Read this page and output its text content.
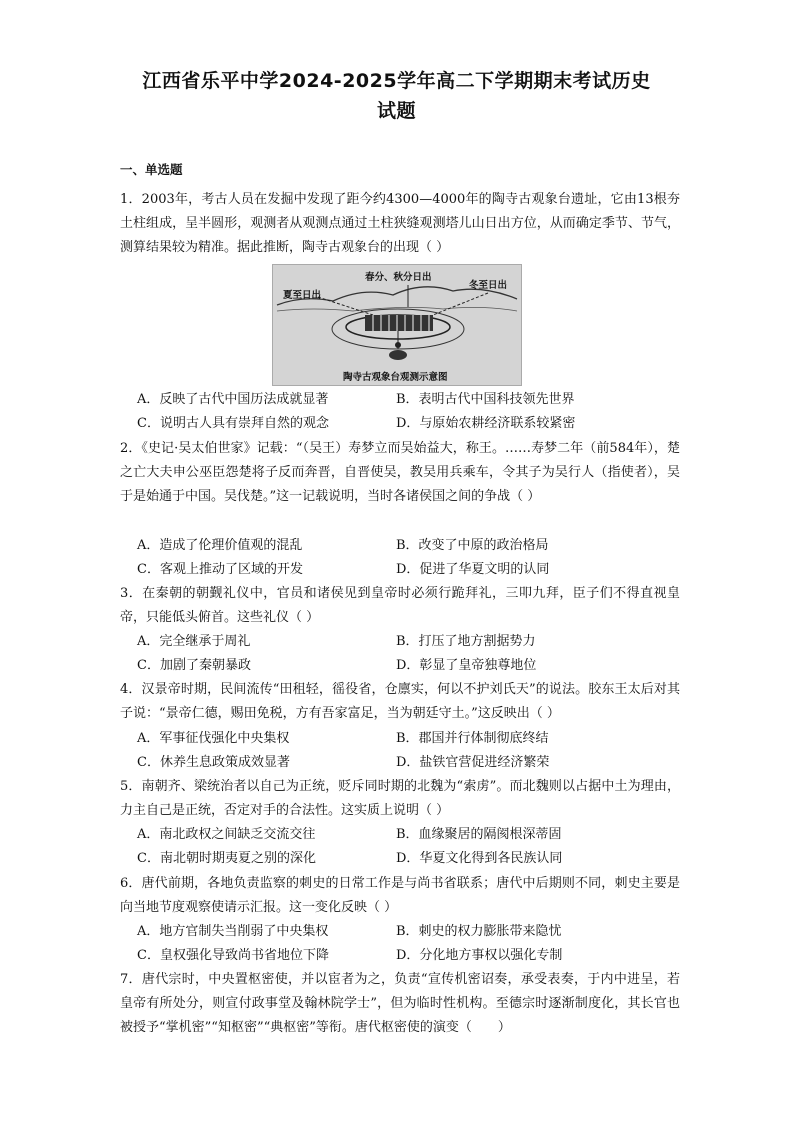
江西省乐平中学2024-2025学年高二下学期期末考试历史
试题
一、单选题
1．2003年，考古人员在发掘中发现了距今约4300—4000年的陶寺古观象台遗址，它由13根夯土柱组成，呈半圆形，观测者从观测点通过土柱狭缝观测塔儿山日出方位，从而确定季节、节气，测算结果较为精准。据此推断，陶寺古观象台的出现（ ）
春分、秋分日出
夏至日出
冬至日出
陶寺古观象台观测示意图
A．反映了古代中国历法成就显著	B．表明古代中国科技领先世界
C．说明古人具有崇拜自然的观念	D．与原始农耕经济联系较紧密
2．《史记·吴太伯世家》记载：“（吴王）寿梦立而吴始益大，称王。……寿梦二年（前584年），楚之亡大夫申公巫臣怨楚将子反而奔晋，自晋使吴，教吴用兵乘车，令其子为吴行人（指使者），吴于是始通于中国。吴伐楚。”这一记载说明，当时各诸侯国之间的争战（ ）
A．造成了伦理价值观的混乱	B．改变了中原的政治格局
C．客观上推动了区域的开发	D．促进了华夏文明的认同
3．在秦朝的朝觐礼仪中，官员和诸侯见到皇帝时必须行跪拜礼，三叩九拜，臣子们不得直视皇帝，只能低头俯首。这些礼仪（ ）
A．完全继承于周礼	B．打压了地方割据势力
C．加剧了秦朝暴政	D．彰显了皇帝独尊地位
4．汉景帝时期，民间流传“田租轻，徭役省，仓廪实，何以不护刘氏天”的说法。胶东王太后对其子说：“景帝仁德，赐田免税，方有吾家富足，当为朝廷守土。”这反映出（ ）
A．军事征伐强化中央集权	B．郡国并行体制彻底终结
C．休养生息政策成效显著	D．盐铁官营促进经济繁荣
5．南朝齐、梁统治者以自己为正统，贬斥同时期的北魏为“索虏”。而北魏则以占据中土为理由，力主自己是正统，否定对手的合法性。这实质上说明（ ）
A．南北政权之间缺乏交流交往	B．血缘聚居的隔阂根深蒂固
C．南北朝时期夷夏之别的深化	D．华夏文化得到各民族认同
6．唐代前期，各地负责监察的刺史的日常工作是与尚书省联系；唐代中后期则不同，刺史主要是向当地节度观察使请示汇报。这一变化反映（ ）
A．地方官制失当削弱了中央集权	B．刺史的权力膨胀带来隐忧
C．皇权强化导致尚书省地位下降	D．分化地方事权以强化专制
7．唐代宗时，中央置枢密使，并以宦者为之，负责“宣传机密诏奏，承受表奏，于内中进呈，若皇帝有所处分，则宣付政事堂及翰林院学士”，但为临时性机构。至德宗时逐渐制度化，其长官也被授予“掌机密”“知枢密”“典枢密”等衔。唐代枢密使的演变（　　）
